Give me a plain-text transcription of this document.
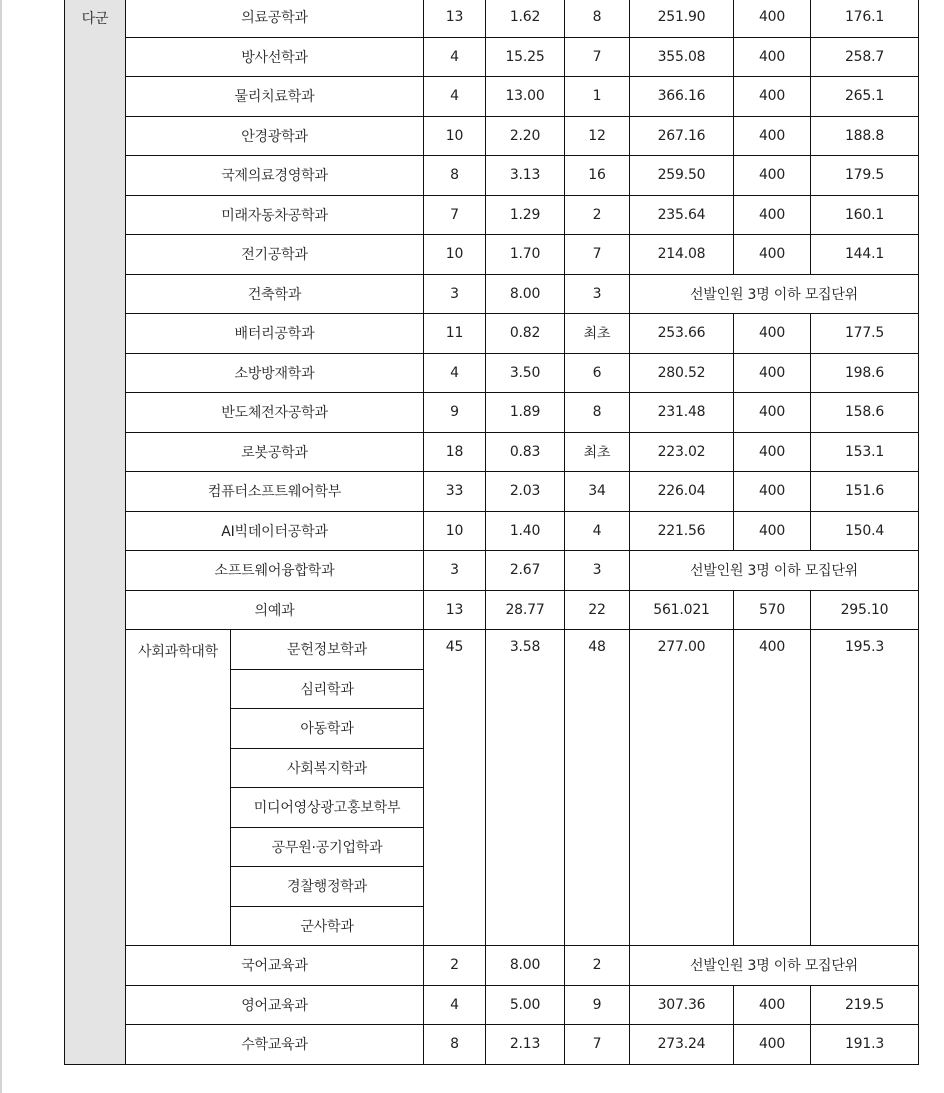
다군	의료공학과		13	1.62	8	251.90	400	176.1
	방사선학과		4	15.25	7	355.08	400	258.7
	물리치료학과		4	13.00	1	366.16	400	265.1
	안경광학과		10	2.20	12	267.16	400	188.8
	국제의료경영학과		8	3.13	16	259.50	400	179.5
	미래자동차공학과		7	1.29	2	235.64	400	160.1
	전기공학과		10	1.70	7	214.08	400	144.1
	건축학과		3	8.00	3	선발인원 3명 이하 모집단위		
	배터리공학과		11	0.82	최초	253.66	400	177.5
	소방방재학과		4	3.50	6	280.52	400	198.6
	반도체전자공학과		9	1.89	8	231.48	400	158.6
	로봇공학과		18	0.83	최초	223.02	400	153.1
	컴퓨터소프트웨어학부		33	2.03	34	226.04	400	151.6
	AI빅데이터공학과		10	1.40	4	221.56	400	150.4
	소프트웨어융합학과		3	2.67	3	선발인원 3명 이하 모집단위		
	의예과		13	28.77	22	561.021	570	295.10
	사회과학대학	문헌정보학과	45	3.58	48	277.00	400	195.3
		심리학과						
		아동학과						
		사회복지학과						
		미디어영상광고홍보학부						
		공무원·공기업학과						
		경찰행정학과						
		군사학과						
	국어교육과		2	8.00	2	선발인원 3명 이하 모집단위		
	영어교육과		4	5.00	9	307.36	400	219.5
	수학교육과		8	2.13	7	273.24	400	191.3
